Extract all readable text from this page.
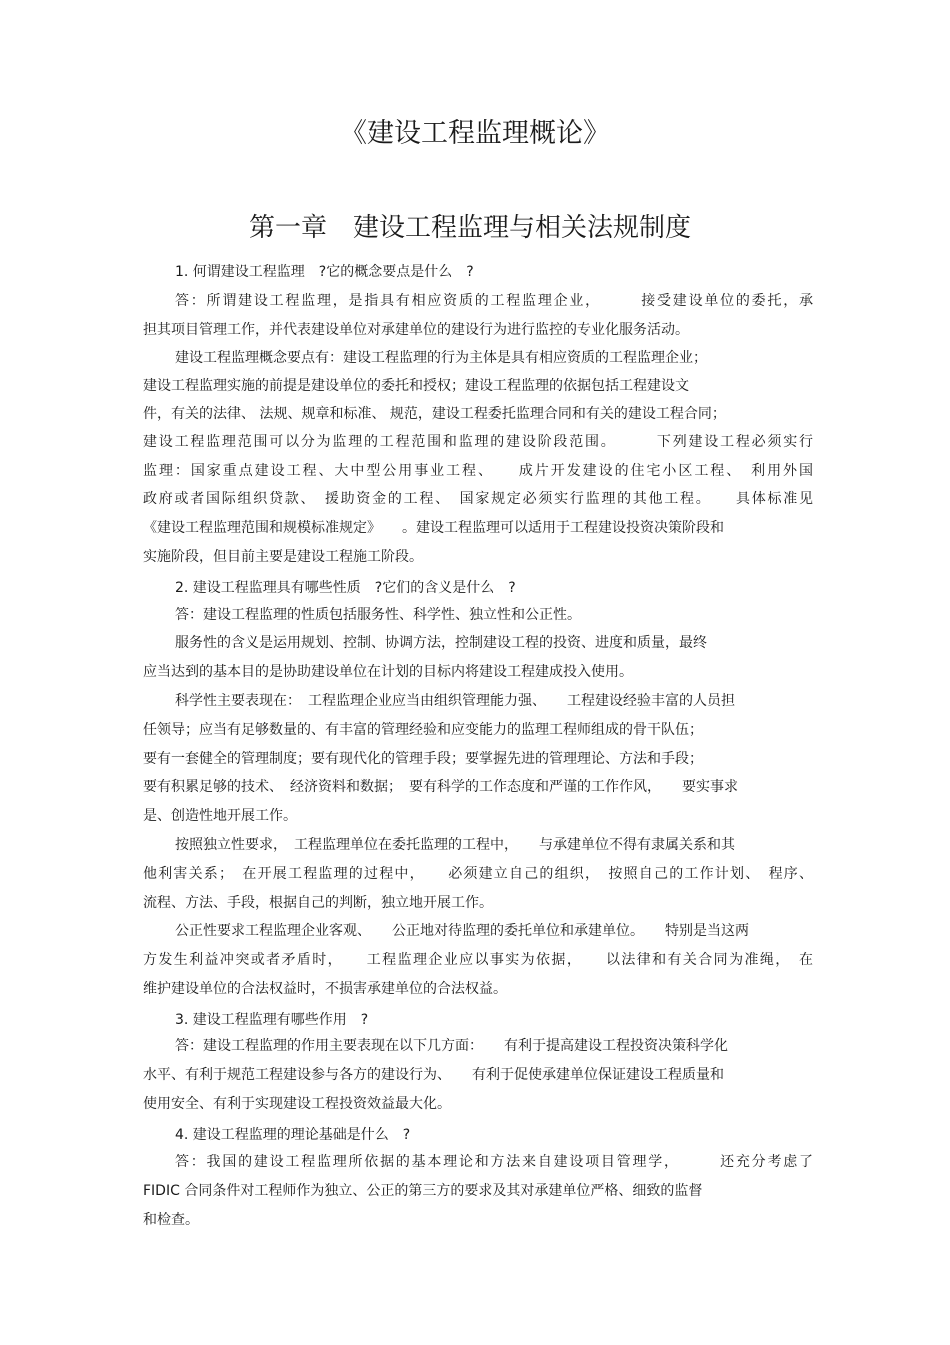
《建设工程监理概论》
第一章　建设工程监理与相关法规制度
1. 何谓建设工程监理　?它的概念要点是什么　?
答：所谓建设工程监理，是指具有相应资质的工程监理企业，　　　接受建设单位的委托，承
担其项目管理工作，并代表建设单位对承建单位的建设行为进行监控的专业化服务活动。
建设工程监理概念要点有：建设工程监理的行为主体是具有相应资质的工程监理企业；
建设工程监理实施的前提是建设单位的委托和授权；建设工程监理的依据包括工程建设文
件，有关的法律、 法规、规章和标准、 规范，建设工程委托监理合同和有关的建设工程合同；
建设工程监理范围可以分为监理的工程范围和监理的建设阶段范围。　　　下列建设工程必须实行
监理：国家重点建设工程、大中型公用事业工程、　　成片开发建设的住宅小区工程、　利用外国
政府或者国际组织贷款、　援助资金的工程、　国家规定必须实行监理的其他工程。　　具体标准见
《建设工程监理范围和规模标准规定》　　。建设工程监理可以适用于工程建设投资决策阶段和
实施阶段，但目前主要是建设工程施工阶段。
2. 建设工程监理具有哪些性质　?它们的含义是什么　?
答：建设工程监理的性质包括服务性、科学性、独立性和公正性。
服务性的含义是运用规划、控制、协调方法，控制建设工程的投资、进度和质量，最终
应当达到的基本目的是协助建设单位在计划的目标内将建设工程建成投入使用。
科学性主要表现在：　工程监理企业应当由组织管理能力强、　　工程建设经验丰富的人员担
任领导；应当有足够数量的、有丰富的管理经验和应变能力的监理工程师组成的骨干队伍；
要有一套健全的管理制度；要有现代化的管理手段；要掌握先进的管理理论、方法和手段；
要有积累足够的技术、　经济资料和数据；　要有科学的工作态度和严谨的工作作风，　　要实事求
是、创造性地开展工作。
按照独立性要求，　工程监理单位在委托监理的工程中，　　与承建单位不得有隶属关系和其
他利害关系；　在开展工程监理的过程中，　　必须建立自己的组织，　按照自己的工作计划、　程序、
流程、方法、手段，根据自己的判断，独立地开展工作。
公正性要求工程监理企业客观、　　公正地对待监理的委托单位和承建单位。　　特别是当这两
方发生利益冲突或者矛盾时，　　工程监理企业应以事实为依据，　　以法律和有关合同为准绳，　在
维护建设单位的合法权益时，不损害承建单位的合法权益。
3. 建设工程监理有哪些作用　?
答：建设工程监理的作用主要表现在以下几方面：　　有利于提高建设工程投资决策科学化
水平、有利于规范工程建设参与各方的建设行为、　　有利于促使承建单位保证建设工程质量和
使用安全、有利于实现建设工程投资效益最大化。
4. 建设工程监理的理论基础是什么　?
答：我国的建设工程监理所依据的基本理论和方法来自建设项目管理学，　　　还充分考虑了
FIDIC 合同条件对工程师作为独立、公正的第三方的要求及其对承建单位严格、细致的监督
和检查。
